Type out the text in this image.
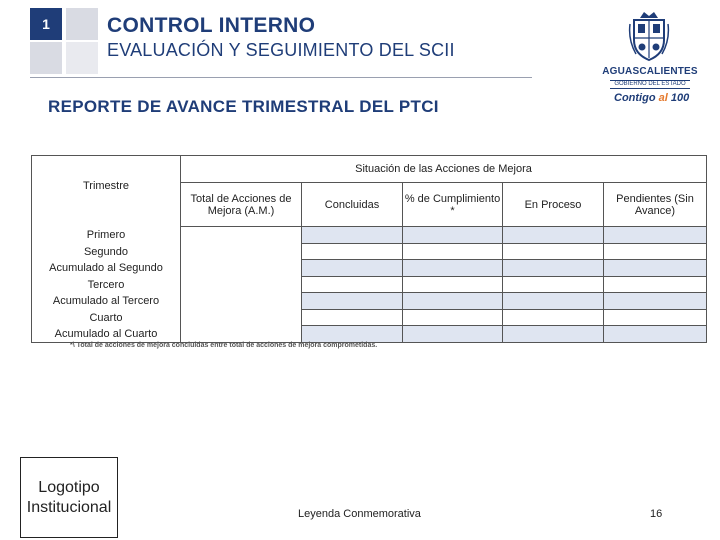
1	CONTROL INTERNO
EVALUACIÓN Y SEGUIMIENTO DEL SCII
REPORTE DE AVANCE TRIMESTRAL DEL PTCI
AGUASCALIENTES
GOBIERNO DEL ESTADO
Contigo al 100
Trimestre	Situación de las Acciones de Mejora				
	Total de Acciones de Mejora (A.M.)	Concluidas	% de Cumplimiento *	En Proceso	Pendientes (Sin Avance)
Primero					
Segundo					
Acumulado al Segundo					
Tercero					
Acumulado al Tercero					
Cuarto					
Acumulado al Cuarto					
*\ Total de acciones de mejora concluidas entre total de acciones de mejora comprometidas.
Logotipo Institucional	Leyenda Conmemorativa	16
